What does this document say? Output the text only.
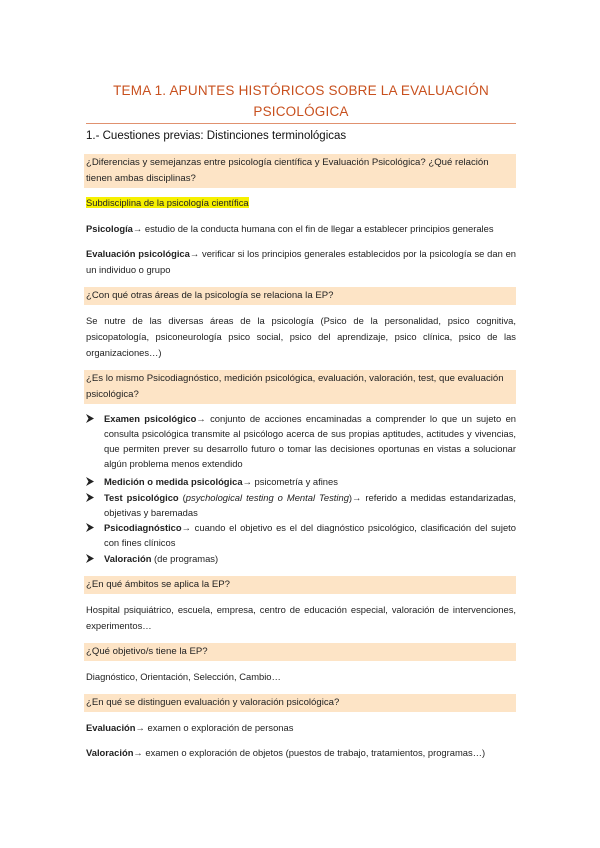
TEMA 1. APUNTES HISTÓRICOS SOBRE LA EVALUACIÓN
PSICOLÓGICA
1.- Cuestiones previas: Distinciones terminológicas
¿Diferencias y semejanzas entre psicología científica y Evaluación Psicológica? ¿Qué relación tienen ambas disciplinas?
Subdisciplina de la psicología científica
Psicología→ estudio de la conducta humana con el fin de llegar a establecer principios generales
Evaluación psicológica→ verificar si los principios generales establecidos por la psicología se dan en un individuo o grupo
¿Con qué otras áreas de la psicología se relaciona la EP?
Se nutre de las diversas áreas de la psicología (Psico de la personalidad, psico cognitiva, psicopatología, psiconeurología psico social, psico del aprendizaje, psico clínica, psico de las organizaciones…)
¿Es lo mismo Psicodiagnóstico, medición psicológica, evaluación, valoración, test, que evaluación psicológica?
Examen psicológico→ conjunto de acciones encaminadas a comprender lo que un sujeto en consulta psicológica transmite al psicólogo acerca de sus propias aptitudes, actitudes y vivencias, que permiten prever su desarrollo futuro o tomar las decisiones oportunas en vistas a solucionar algún problema menos extendido
Medición o medida psicológica→ psicometría y afines
Test psicológico (psychological testing o Mental Testing)→ referido a medidas estandarizadas, objetivas y baremadas
Psicodiagnóstico→ cuando el objetivo es el del diagnóstico psicológico, clasificación del sujeto con fines clínicos
Valoración (de programas)
¿En qué ámbitos se aplica la EP?
Hospital psiquiátrico, escuela, empresa, centro de educación especial, valoración de intervenciones, experimentos…
¿Qué objetivo/s tiene la EP?
Diagnóstico, Orientación, Selección, Cambio…
¿En qué se distinguen evaluación y valoración psicológica?
Evaluación→ examen o exploración de personas
Valoración→ examen o exploración de objetos (puestos de trabajo, tratamientos, programas…)
